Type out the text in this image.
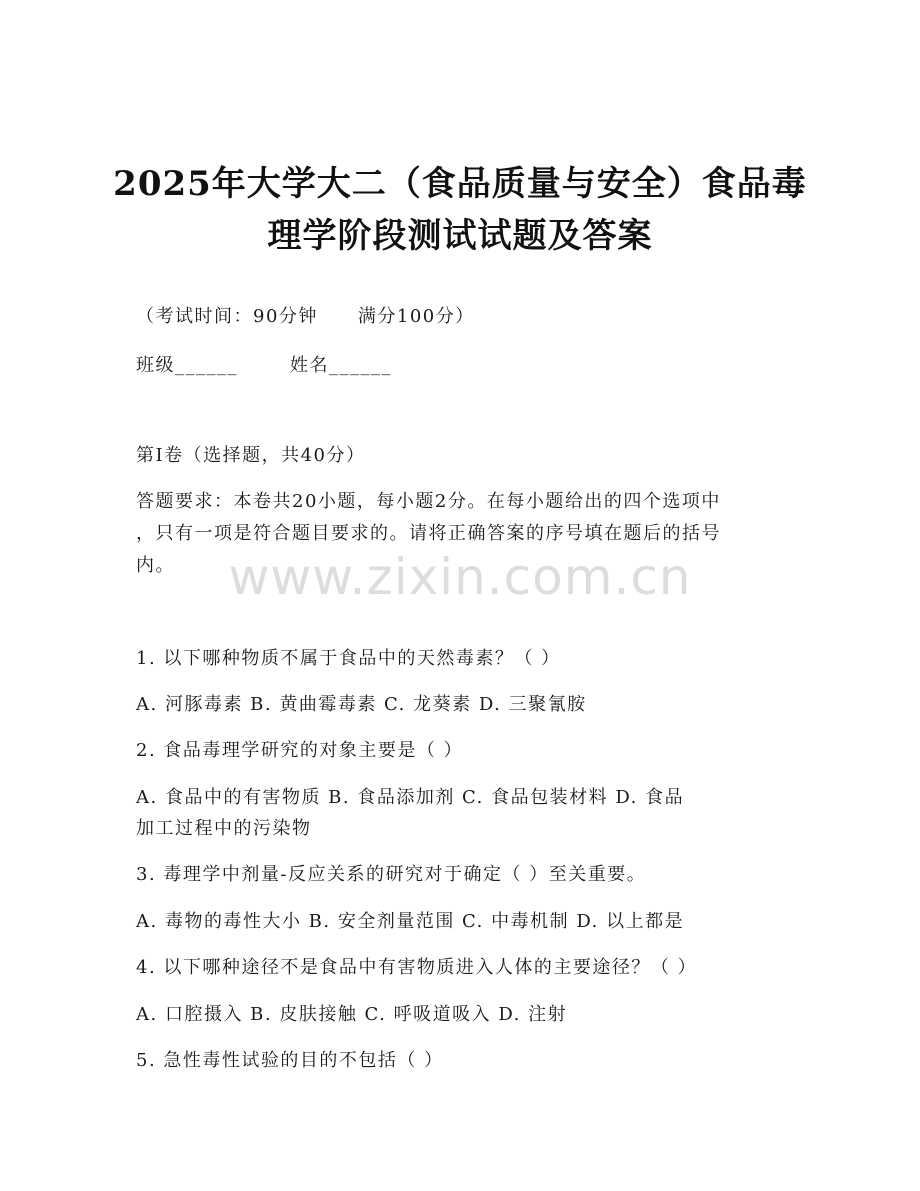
2025年大学大二（食品质量与安全）食品毒
理学阶段测试试题及答案
（考试时间：90分钟 满分100分）
班级______	姓名______
第I卷（选择题，共40分）
答题要求：本卷共20小题，每小题2分。在每小题给出的四个选项中
，只有一项是符合题目要求的。请将正确答案的序号填在题后的括号
内。	www.zixin.com.cn
1. 以下哪种物质不属于食品中的天然毒素？（ ）
A. 河豚毒素 B. 黄曲霉毒素 C. 龙葵素 D. 三聚氰胺
2. 食品毒理学研究的对象主要是（ ）
A. 食品中的有害物质 B. 食品添加剂 C. 食品包装材料 D. 食品
加工过程中的污染物
3. 毒理学中剂量-反应关系的研究对于确定（ ）至关重要。
A. 毒物的毒性大小 B. 安全剂量范围 C. 中毒机制 D. 以上都是
4. 以下哪种途径不是食品中有害物质进入人体的主要途径？（ ）
A. 口腔摄入 B. 皮肤接触 C. 呼吸道吸入 D. 注射
5. 急性毒性试验的目的不包括（ ）
